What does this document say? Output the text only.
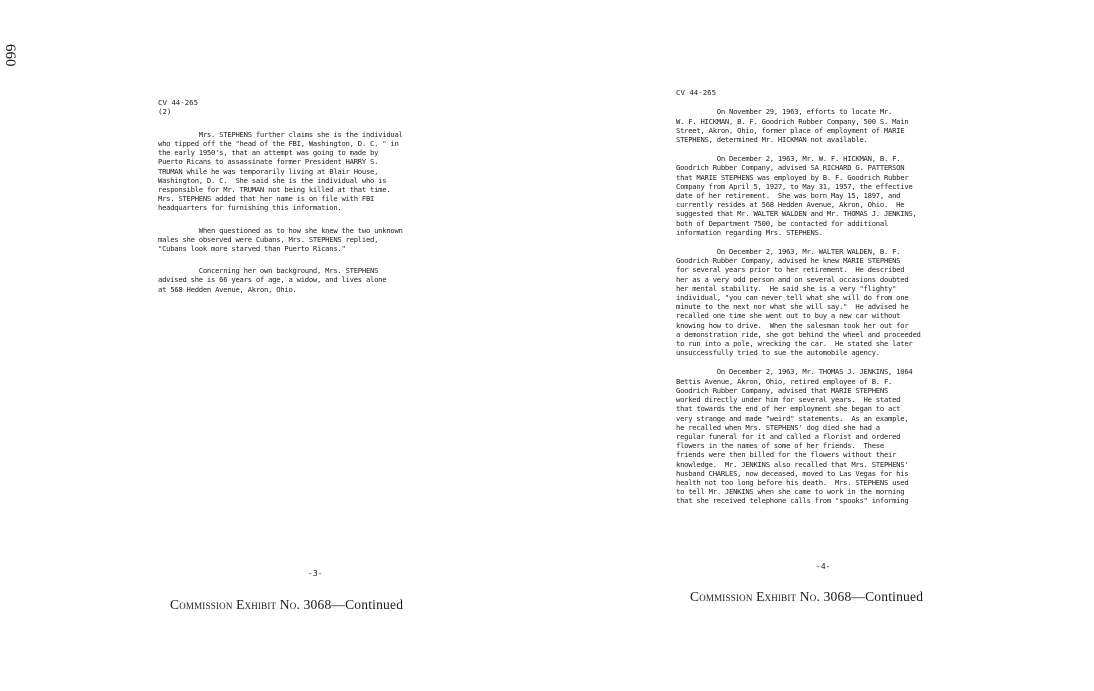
660
CV 44-265
(2)

Mrs. STEPHENS further claims she is the individual
who tipped off the "head of the FBI, Washington, D. C. " in
the early 1950's, that an attempt was going to made by
Puerto Ricans to assassinate former President HARRY S.
TRUMAN while he was temporarily living at Blair House,
Washington, D. C.  She said she is the individual who is
responsible for Mr. TRUMAN not being killed at that time.
Mrs. STEPHENS added that her name is on file with FBI
headquarters for furnishing this information.

When questioned as to how she knew the two unknown
males she observed were Cubans, Mrs. STEPHENS replied,
"Cubans look more starved than Puerto Ricans."

Concerning her own background, Mrs. STEPHENS
advised she is 66 years of age, a widow, and lives alone
at 568 Hedden Avenue, Akron, Ohio.

-3-
Commission Exhibit No. 3068—Continued
CV 44-265

On November 29, 1963, efforts to locate Mr.
W. F. HICKMAN, B. F. Goodrich Rubber Company, 500 S. Main
Street, Akron, Ohio, former place of employment of MARIE
STEPHENS, determined Mr. HICKMAN not available.

On December 2, 1963, Mr. W. F. HICKMAN, B. F.
Goodrich Rubber Company, advised SA RICHARD G. PATTERSON
that MARIE STEPHENS was employed by B. F. Goodrich Rubber
Company from April 5, 1927, to May 31, 1957, the effective
date of her retirement.  She was born May 15, 1897, and
currently resides at 568 Hedden Avenue, Akron, Ohio.  He
suggested that Mr. WALTER WALDEN and Mr. THOMAS J. JENKINS,
both of Department 7500, be contacted for additional
information regarding Mrs. STEPHENS.

On December 2, 1963, Mr. WALTER WALDEN, B. F.
Goodrich Rubber Company, advised he knew MARIE STEPHENS
for several years prior to her retirement.  He described
her as a very odd person and on several occasions doubted
her mental stability.  He said she is a very "flighty"
individual, "you can never tell what she will do from one
minute to the next nor what she will say."  He advised he
recalled one time she went out to buy a new car without
knowing how to drive.  When the salesman took her out for
a demonstration ride, she got behind the wheel and proceeded
to run into a pole, wrecking the car.  He stated she later
unsuccessfully tried to sue the automobile agency.

On December 2, 1963, Mr. THOMAS J. JENKINS, 1064
Bettis Avenue, Akron, Ohio, retired employee of B. F.
Goodrich Rubber Company, advised that MARIE STEPHENS
worked directly under him for several years.  He stated
that towards the end of her employment she began to act
very strange and made "weird" statements.  As an example,
he recalled when Mrs. STEPHENS' dog died she had a
regular funeral for it and called a florist and ordered
flowers in the names of some of her friends.  These
friends were then billed for the flowers without their
knowledge.  Mr. JENKINS also recalled that Mrs. STEPHENS'
husband CHARLES, now deceased, moved to Las Vegas for his
health not too long before his death.  Mrs. STEPHENS used
to tell Mr. JENKINS when she came to work in the morning
that she received telephone calls from "spooks" informing

-4-
Commission Exhibit No. 3068—Continued
